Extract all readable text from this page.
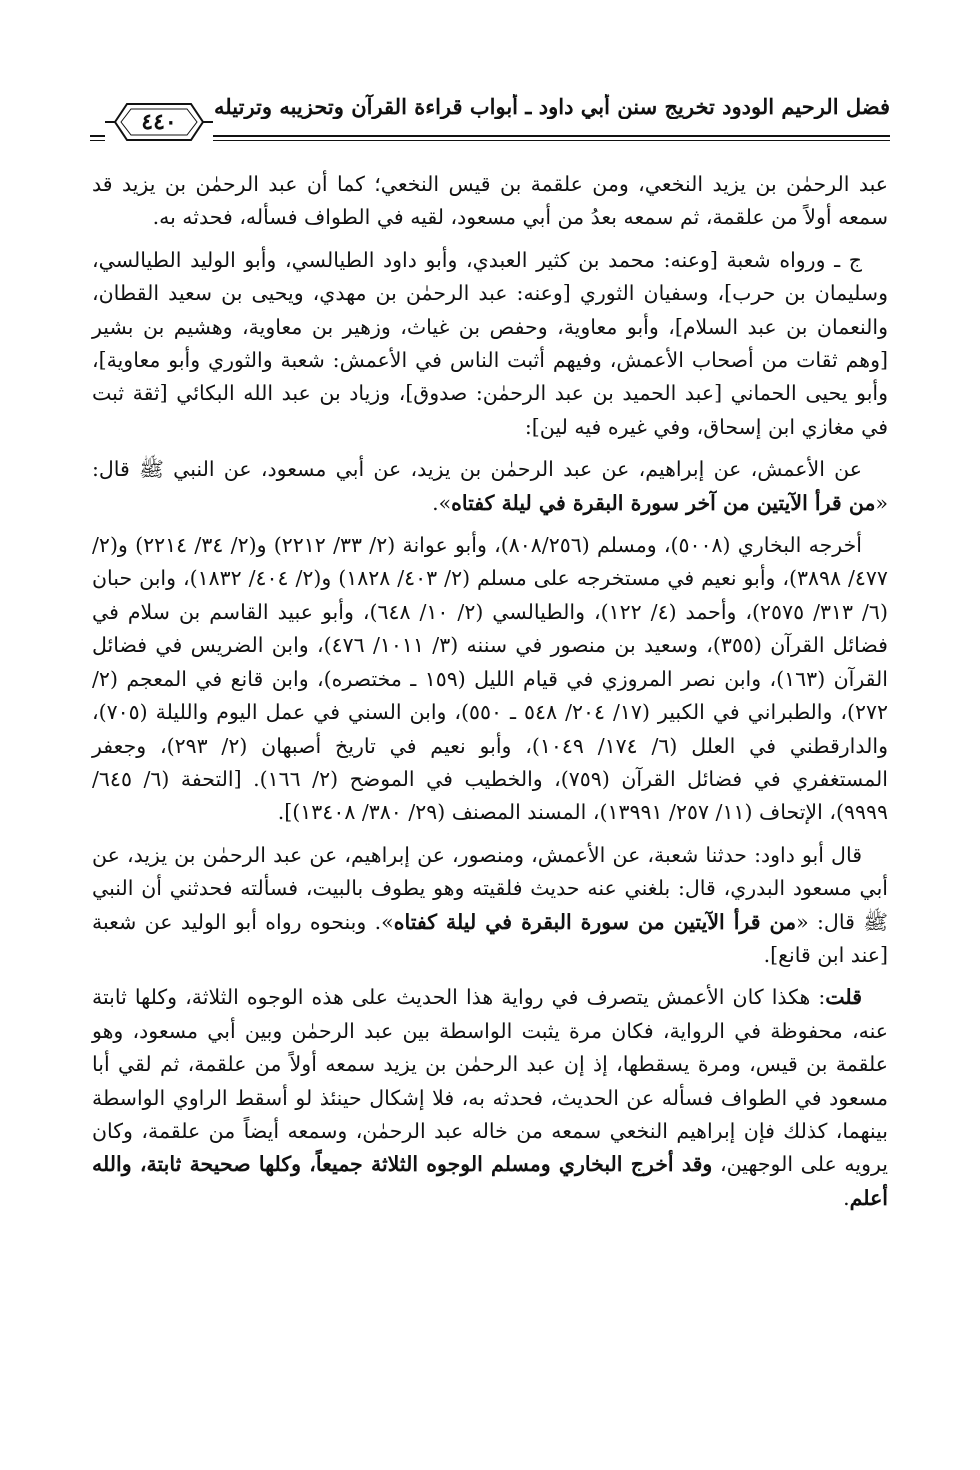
فضل الرحيم الودود تخريج سنن أبي داود ـ أبواب قراءة القرآن وتحزيبه وترتيله
٤٤٠

عبد الرحمٰن بن يزيد النخعي، ومن علقمة بن قيس النخعي؛ كما أن عبد الرحمٰن بن يزيد قد سمعه أولاً من علقمة، ثم سمعه بعدُ من أبي مسعود، لقيه في الطواف فسأله، فحدثه به.

ج ـ ورواه شعبة [وعنه: محمد بن كثير العبدي، وأبو داود الطيالسي، وأبو الوليد الطيالسي، وسليمان بن حرب]، وسفيان الثوري [وعنه: عبد الرحمٰن بن مهدي، ويحيى بن سعيد القطان، والنعمان بن عبد السلام]، وأبو معاوية، وحفص بن غياث، وزهير بن معاوية، وهشيم بن بشير [وهم ثقات من أصحاب الأعمش، وفيهم أثبت الناس في الأعمش: شعبة والثوري وأبو معاوية]، وأبو يحيى الحماني [عبد الحميد بن عبد الرحمٰن: صدوق]، وزياد بن عبد الله البكائي [ثقة ثبت في مغازي ابن إسحاق، وفي غيره فيه لين]:

عن الأعمش، عن إبراهيم، عن عبد الرحمٰن بن يزيد، عن أبي مسعود، عن النبي ﷺ قال: «من قرأ الآيتين من آخر سورة البقرة في ليلة كفتاه».

أخرجه البخاري (٥٠٠٨)، ومسلم (٨٠٨/٢٥٦)، وأبو عوانة (٢/ ٣٣/ ٢٢١٢) و(٢/ ٣٤/ ٢٢١٤) و(٢/ ٤٧٧/ ٣٨٩٨)، وأبو نعيم في مستخرجه على مسلم (٢/ ٤٠٣/ ١٨٢٨) و(٢/ ٤٠٤/ ١٨٣٢)، وابن حبان (٦/ ٣١٣/ ٢٥٧٥)، وأحمد (٤/ ١٢٢)، والطيالسي (٢/ ١٠/ ٦٤٨)، وأبو عبيد القاسم بن سلام في فضائل القرآن (٣٥٥)، وسعيد بن منصور في سننه (٣/ ١٠١١/ ٤٧٦)، وابن الضريس في فضائل القرآن (١٦٣)، وابن نصر المروزي في قيام الليل (١٥٩ ـ مختصره)، وابن قانع في المعجم (٢/ ٢٧٢)، والطبراني في الكبير (١٧/ ٢٠٤/ ٥٤٨ ـ ٥٥٠)، وابن السني في عمل اليوم والليلة (٧٠٥)، والدارقطني في العلل (٦/ ١٧٤/ ١٠٤٩)، وأبو نعيم في تاريخ أصبهان (٢/ ٢٩٣)، وجعفر المستغفري في فضائل القرآن (٧٥٩)، والخطيب في الموضح (٢/ ١٦٦). [التحفة (٦/ ٦٤٥/ ٩٩٩٩)، الإتحاف (١١/ ٢٥٧/ ١٣٩٩١)، المسند المصنف (٢٩/ ٣٨٠/ ١٣٤٠٨)].

قال أبو داود: حدثنا شعبة، عن الأعمش، ومنصور، عن إبراهيم، عن عبد الرحمٰن بن يزيد، عن أبي مسعود البدري، قال: بلغني عنه حديث فلقيته وهو يطوف بالبيت، فسألته فحدثني أن النبي ﷺ قال: «من قرأ الآيتين من سورة البقرة في ليلة كفتاه». وبنحوه رواه أبو الوليد عن شعبة [عند ابن قانع].

قلت: هكذا كان الأعمش يتصرف في رواية هذا الحديث على هذه الوجوه الثلاثة، وكلها ثابتة عنه، محفوظة في الرواية، فكان مرة يثبت الواسطة بين عبد الرحمٰن وبين أبي مسعود، وهو علقمة بن قيس، ومرة يسقطها، إذ إن عبد الرحمٰن بن يزيد سمعه أولاً من علقمة، ثم لقي أبا مسعود في الطواف فسأله عن الحديث، فحدثه به، فلا إشكال حينئذ لو أسقط الراوي الواسطة بينهما، كذلك فإن إبراهيم النخعي سمعه من خاله عبد الرحمٰن، وسمعه أيضاً من علقمة، وكان يرويه على الوجهين، وقد أخرج البخاري ومسلم الوجوه الثلاثة جميعاً، وكلها صحيحة ثابتة، والله أعلم.
